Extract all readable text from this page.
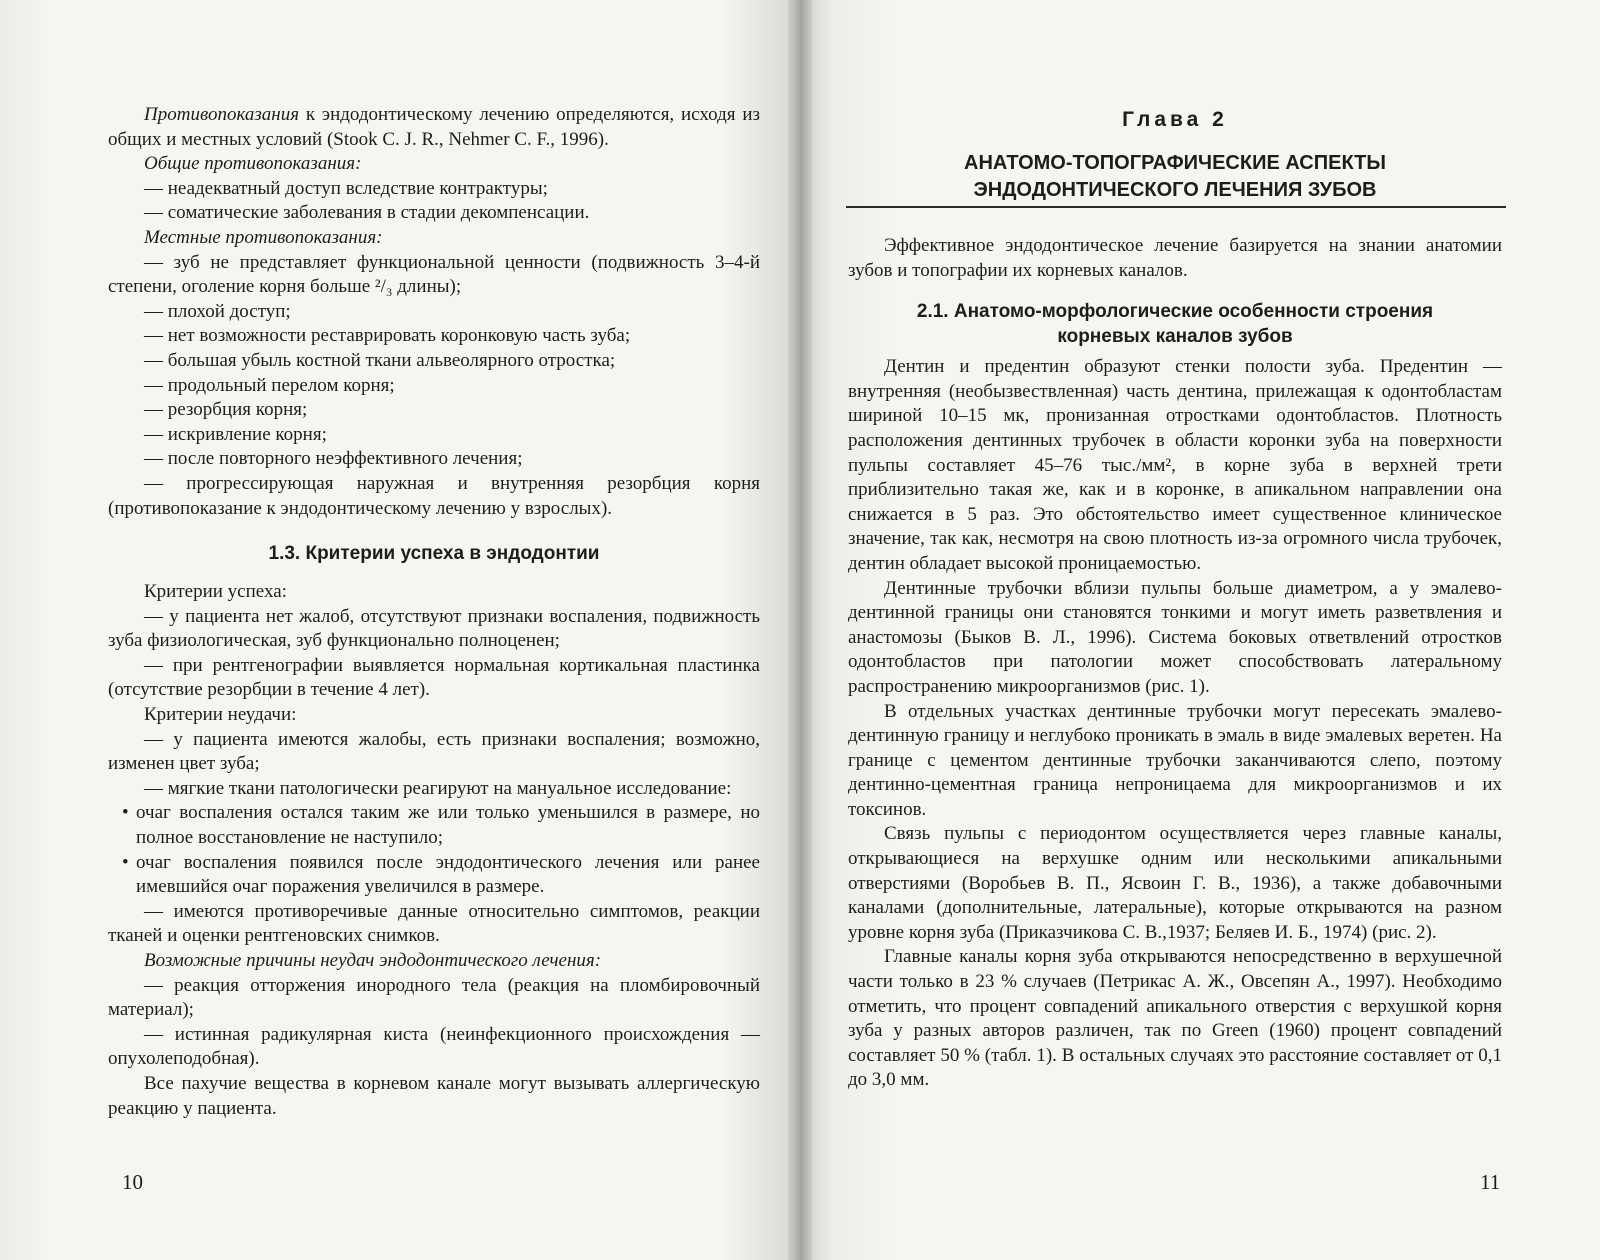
Противопоказания к эндодонтическому лечению определяются, исходя из общих и местных условий (Stook C. J. R., Nehmer C. F., 1996).

Общие противопоказания:

— неадекватный доступ вследствие контрактуры;

— соматические заболевания в стадии декомпенсации.

Местные противопоказания:

— зуб не представляет функциональной ценности (подвижность 3–4-й степени, оголение корня больше ²/₃ длины);

— плохой доступ;

— нет возможности реставрировать коронковую часть зуба;

— большая убыль костной ткани альвеолярного отростка;

— продольный перелом корня;

— резорбция корня;

— искривление корня;

— после повторного неэффективного лечения;

— прогрессирующая наружная и внутренняя резорбция корня (противопоказание к эндодонтическому лечению у взрослых).

1.3. Критерии успеха в эндодонтии

Критерии успеха:

— у пациента нет жалоб, отсутствуют признаки воспаления, подвижность зуба физиологическая, зуб функционально полноценен;

— при рентгенографии выявляется нормальная кортикальная пластинка (отсутствие резорбции в течение 4 лет).

Критерии неудачи:

— у пациента имеются жалобы, есть признаки воспаления; возможно, изменен цвет зуба;

— мягкие ткани патологически реагируют на мануальное исследование:

• очаг воспаления остался таким же или только уменьшился в размере, но полное восстановление не наступило;
• очаг воспаления появился после эндодонтического лечения или ранее имевшийся очаг поражения увеличился в размере.

— имеются противоречивые данные относительно симптомов, реакции тканей и оценки рентгеновских снимков.

Возможные причины неудач эндодонтического лечения:

— реакция отторжения инородного тела (реакция на пломбировочный материал);

— истинная радикулярная киста (неинфекционного происхождения — опухолеподобная).

Все пахучие вещества в корневом канале могут вызывать аллергическую реакцию у пациента.

10
Глава 2
АНАТОМО-ТОПОГРАФИЧЕСКИЕ АСПЕКТЫ
ЭНДОДОНТИЧЕСКОГО ЛЕЧЕНИЯ ЗУБОВ

Эффективное эндодонтическое лечение базируется на знании анатомии зубов и топографии их корневых каналов.

2.1. Анатомо-морфологические особенности строения
корневых каналов зубов

Дентин и предентин образуют стенки полости зуба. Предентин — внутренняя (необызвествленная) часть дентина, прилежащая к одонтобластам шириной 10–15 мк, пронизанная отростками одонтобластов. Плотность расположения дентинных трубочек в области коронки зуба на поверхности пульпы составляет 45–76 тыс./мм², в корне зуба в верхней трети приблизительно такая же, как и в коронке, в апикальном направлении она снижается в 5 раз. Это обстоятельство имеет существенное клиническое значение, так как, несмотря на свою плотность из-за огромного числа трубочек, дентин обладает высокой проницаемостью.

Дентинные трубочки вблизи пульпы больше диаметром, а у эмалево-дентинной границы они становятся тонкими и могут иметь разветвления и анастомозы (Быков В. Л., 1996). Система боковых ответвлений отростков одонтобластов при патологии может способствовать латеральному распространению микроорганизмов (рис. 1).

В отдельных участках дентинные трубочки могут пересекать эмалево-дентинную границу и неглубоко проникать в эмаль в виде эмалевых веретен. На границе с цементом дентинные трубочки заканчиваются слепо, поэтому дентинно-цементная граница непроницаема для микроорганизмов и их токсинов.

Связь пульпы с периодонтом осуществляется через главные каналы, открывающиеся на верхушке одним или несколькими апикальными отверстиями (Воробьев В. П., Ясвоин Г. В., 1936), а также добавочными каналами (дополнительные, латеральные), которые открываются на разном уровне корня зуба (Приказчикова С. В.,1937; Беляев И. Б., 1974) (рис. 2).

Главные каналы корня зуба открываются непосредственно в верхушечной части только в 23 % случаев (Петрикас А. Ж., Овсепян А., 1997). Необходимо отметить, что процент совпадений апикального отверстия с верхушкой корня зуба у разных авторов различен, так по Green (1960) процент совпадений составляет 50 % (табл. 1). В остальных случаях это расстояние составляет от 0,1 до 3,0 мм.

11
